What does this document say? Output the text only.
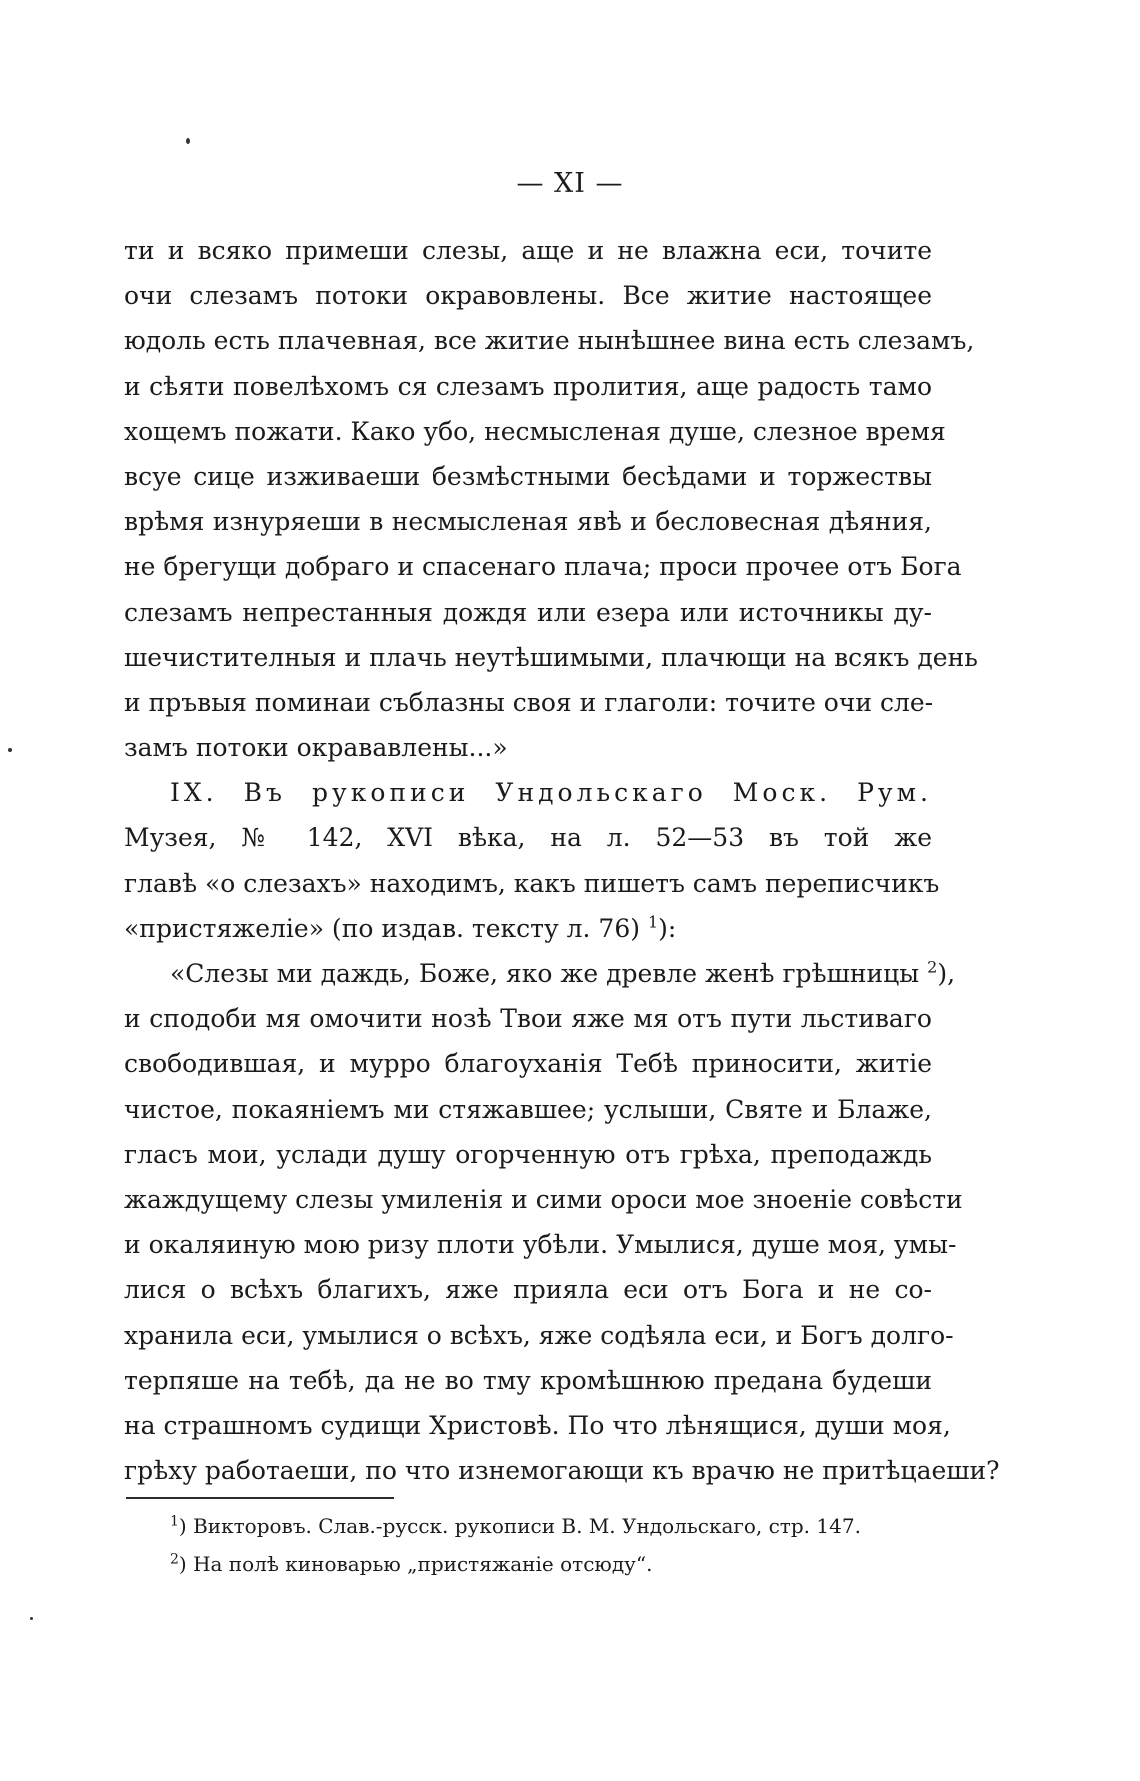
— XI —
ти и всяко примеши слезы, аще и не влажна еси, точите
очи слезамъ потоки окравовлены. Все житие настоящее
юдоль есть плачевная, все житие нынѣшнее вина есть слезамъ,
и сѣяти повелѣхомъ ся слезамъ пролития, аще радость тамо
хощемъ пожати. Како убо, несмысленая душе, слезное время
всуе сице изживаеши безмѣстными бесѣдами и торжествы
врѣмя изнуряеши в несмысленая явѣ и бесловесная дѣяния,
не брегущи добраго и спасенаго плача; проси прочее отъ Бога
слезамъ непрестанныя дождя или езера или источникы ду-
шечистителныя и плачь неутѣшимыми, плачющи на всякъ день
и пръвыя поминаи съблазны своя и глаголи: точите очи сле-
замъ потоки окрававлены...»
IX. Въ рукописи Ундольскаго Моск. Рум.
Музея, № 142, XVI вѣка, на л. 52—53 въ той же
главѣ «о слезахъ» находимъ, какъ пишетъ самъ переписчикъ
«пристяжеліе» (по издав. тексту л. 76) $^1$):
«Слезы ми даждь, Боже, яко же древле женѣ грѣшницы $^2$),
и сподоби мя омочити нозѣ Твои яже мя отъ пути льстиваго
свободившая, и мурро благоуханія Тебѣ приносити, житіе
чистое, покаяніемъ ми стяжавшее; услыши, Святе и Блаже,
гласъ мои, услади душу огорченную отъ грѣха, преподаждь
жаждущему слезы умиленія и сими ороси мое зноеніе совѣсти
и окаляиную мою ризу плоти убѣли. Умылися, душе моя, умы-
лися о всѣхъ благихъ, яже прияла еси отъ Бога и не со-
хранила еси, умылися о всѣхъ, яже содѣяла еси, и Богъ долго-
терпяше на тебѣ, да не во тму кромѣшнюю предана будеши
на страшномъ судищи Христовѣ. По что лѣнящися, души моя,
грѣху работаеши, по что изнемогающи къ врачю не притѣцаеши?
$^1$) Викторовъ. Слав.-русск. рукописи В. М. Ундольскаго, стр. 147.
$^2$) На полѣ киноварью „пристяжаніе отсюду“.
